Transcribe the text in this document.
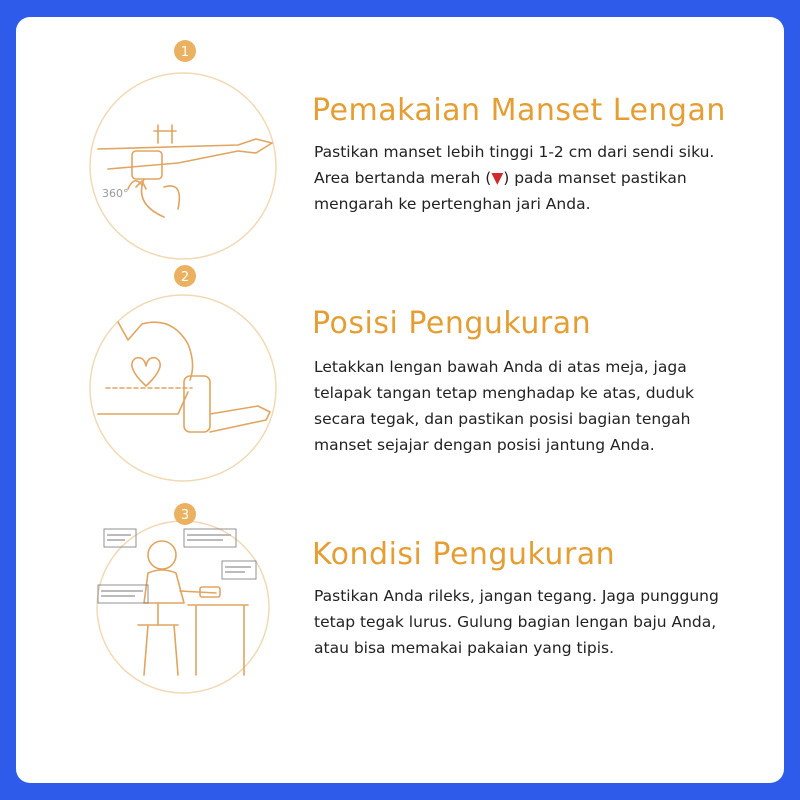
1
360°
Pemakaian Manset Lengan
Pastikan manset lebih tinggi 1-2 cm dari sendi siku.
Area bertanda merah (▼) pada manset pastikan
mengarah ke pertenghan jari Anda.
2
Posisi Pengukuran
Letakkan lengan bawah Anda di atas meja, jaga
telapak tangan tetap menghadap ke atas, duduk
secara tegak, dan pastikan posisi bagian tengah
manset sejajar dengan posisi jantung Anda.
3
Kondisi Pengukuran
Pastikan Anda rileks, jangan tegang. Jaga punggung
tetap tegak lurus. Gulung bagian lengan baju Anda,
atau bisa memakai pakaian yang tipis.
